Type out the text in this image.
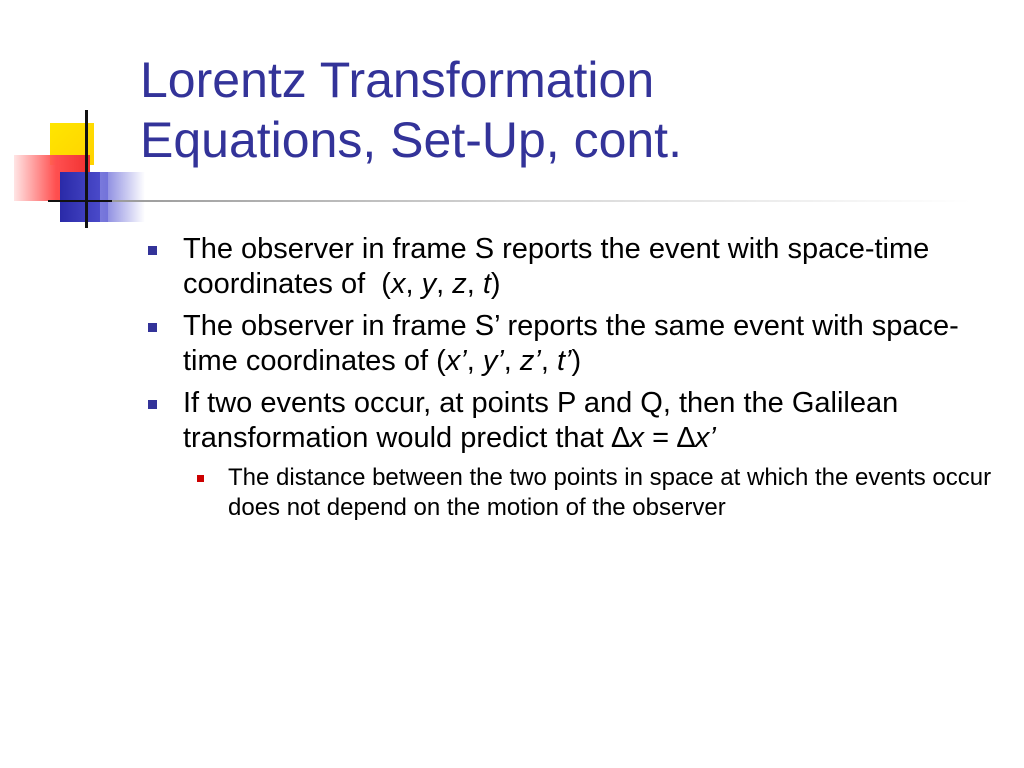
Lorentz Transformation
Equations, Set-Up, cont.
The observer in frame S reports the event with space-time coordinates of  (x, y, z, t)
The observer in frame S’ reports the same event with space-time coordinates of (x’, y’, z’, t’)
If two events occur, at points P and Q, then the Galilean transformation would predict that ∆x = ∆x’
The distance between the two points in space at which the events occur does not depend on the motion of the observer
